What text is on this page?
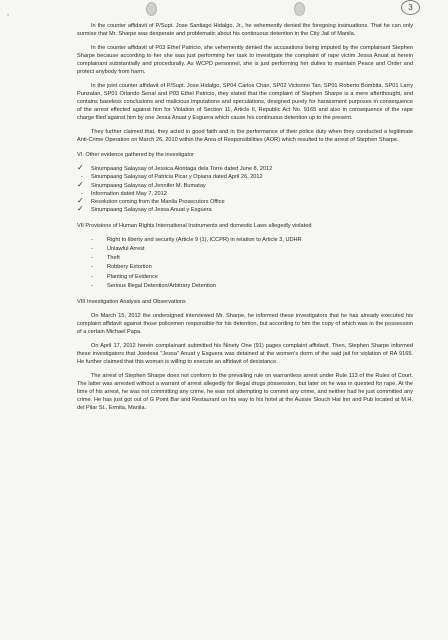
,
3

In the counter affidavit of P/Supt. Jose Santiago Hidalgo, Jr., he vehemently denied the foregoing insinuations. That he can only surmise that Mr. Sharpe was desperate and problematic about his continuous detention in the City Jail of Manila.

In the counter affidavit of P03 Ethel Patricio, she vehemently denied the accusations being imputed by the complainant Stephen Sharpe because according to her she was just performing her task to investigate the complaint of rape victim Jessa Anuat at herein complainant substantially and procedurally. As WCPD personnel, she is just performing her duties to maintain Peace and Order and protect anybody from harm.

In the joint counter affidavit of P/Supt. Jose Hidalgo, SP04 Carlos Chan, SP02 Victorino Tan, SP01 Roberto Bombita, SP01 Larry Punzalan, SP01 Orlando Senal and P03 Ethel Patricio, they stated that the complaint of Stephen Sharpe is a mere afterthought, and contains baseless conclusions and malicious imputations and speculations, designed purely for harassment purposes in consequence of the arrest effected against him for Violation of Section 11, Article II, Republic Act No. 9165 and also in consequence of the rape charge filed against him by one Jessa Anuat y Esguera which cause his continuous detention up to the present.

They further claimed that, they acted in good faith and in the performance of their police duty when they conducted a legitimate Anti-Crime Operation on March 26, 2010 within the Area of Responsibilities (AOR) which resulted to the arrest of Stephen Sharpe.

VI. Other evidence gathered by the investigator

✓ Sinumpaang Salaysay of Jessica Alontaga dela Torre dated June 8, 2012
- Sinumpaang Salaysay of Patricia Picar y Opiana dated April 26, 2012
✓ Sinumpaang Salaysay of Jennifer M. Bumatay
- Information dated May 7, 2012
✓ Resolution coming from the Manila Prosecutors Office
✓ Sinumpaang Salaysay of Jessa Anuat y Esguera

VII Provisions of Human Rights International Instruments and domestic Laws allegedly violated

-	Right to liberty and security (Article 9 (1), ICCPR) in relation to Article 3, UDHR
-	Unlawful Arrest
-	Theft
-	Robbery Extortion
-	Planting of Evidence
-	Serious Illegal Detention/Arbitrary Detention

VIII Investigation Analysis and Observations

On March 15, 2012 the undersigned interviewed Mr. Sharpe, he informed these investigators that he has already executed his complaint affidavit against those policemen responsible for his detention, but according to him the copy of which was in the possession of a certain Michael Papa.

On April 17, 2012 herein complainant submitted his Ninety One (91) pages complaint affidavit. Then, Stephen Sharpe informed these investigators that Joedesa "Jessa" Anuat y Esguera was detained at the women's dorm of the said jail for violation of RA 9165. He further claimed that this woman is willing to execute an affidavit of desistance.

The arrest of Stephen Sharpe does not conform to the prevailing rule on warrantless arrest under Rule 113 of the Rules of Court. The latter was arrested without a warrant of arrest allegedly for illegal drugs possession, but later on he was in quested for rape. At the time of his arrest, he was not committing any crime, he was not attempting to commit any crime, and neither had he just committed any crime. He has just got out of G Point Bar and Restaurant on his way to his hotel at the Aussie Slouch Hat Inn and Pub located at M.H. del Pilar St., Ermita, Manila.
